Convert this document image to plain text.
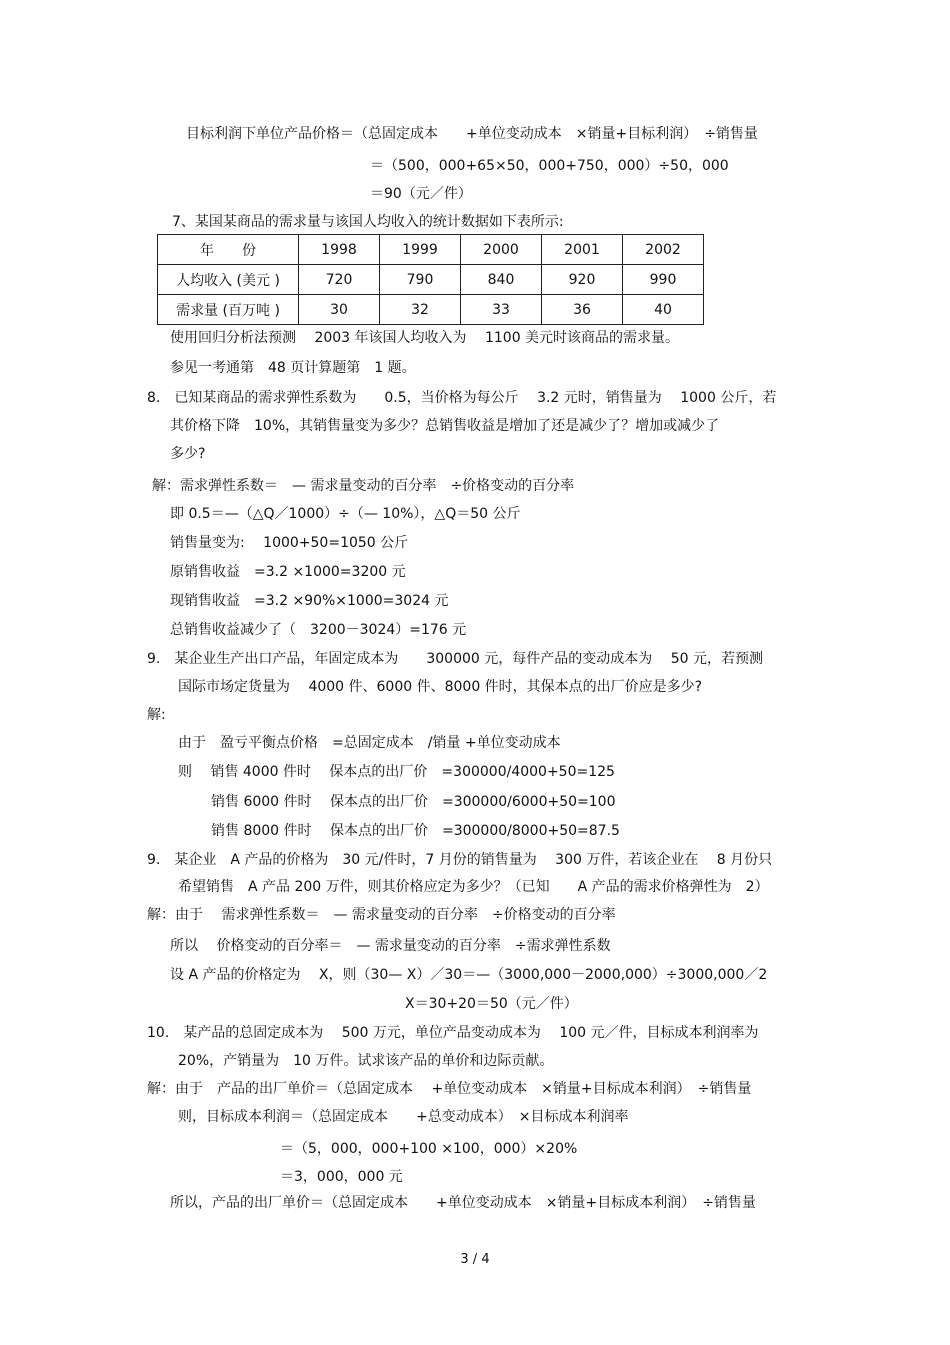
目标利润下单位产品价格＝（总固定成本　　+单位变动成本　×销量+目标利润）　÷销售量
＝（500，000+65×50，000+750，000）÷50，000
＝90（元／件）
7、某国某商品的需求量与该国人均收入的统计数据如下表所示:
使用回归分析法预测　 2003 年该国人均收入为　 1100 美元时该商品的需求量。
参见一考通第　48 页计算题第　1 题。
8.　已知某商品的需求弹性系数为　　0.5，当价格为每公斤　 3.2 元时，销售量为　 1000 公斤，若
其价格下降　10%，其销售量变为多少？总销售收益是增加了还是减少了？增加或减少了
多少?
解：需求弹性系数＝　— 需求量变动的百分率　÷价格变动的百分率
即 0.5＝—（△Q／1000）÷（— 10%），△Q＝50 公斤
销售量变为:　 1000+50=1050 公斤
原销售收益　=3.2 ×1000=3200 元
现销售收益　=3.2 ×90%×1000=3024 元
总销售收益减少了（　3200－3024）=176 元
9.　某企业生产出口产品，年固定成本为　　300000 元，每件产品的变动成本为　 50 元，若预测
国际市场定货量为　 4000 件、6000 件、8000 件时，其保本点的出厂价应是多少?
解:
由于　盈亏平衡点价格　=总固定成本　/销量 +单位变动成本
则　 销售 4000 件时　 保本点的出厂价　=300000/4000+50=125
销售 6000 件时　 保本点的出厂价　=300000/6000+50=100
销售 8000 件时　 保本点的出厂价　=300000/8000+50=87.5
9.　某企业　A 产品的价格为　30 元/件时，7 月份的销售量为　 300 万件，若该企业在　 8 月份只
希望销售　A 产品 200 万件，则其价格应定为多少？（已知　　A 产品的需求价格弹性为　2）
解：由于　 需求弹性系数＝　— 需求量变动的百分率　÷价格变动的百分率
所以　 价格变动的百分率＝　— 需求量变动的百分率　÷需求弹性系数
设 A 产品的价格定为　 X，则（30— X）／30＝—（3000,000－2000,000）÷3000,000／2
X＝30+20＝50（元／件）
10.　某产品的总固定成本为　 500 万元，单位产品变动成本为　 100 元／件，目标成本利润率为
20%，产销量为　10 万件。试求该产品的单价和边际贡献。
解：由于　产品的出厂单价＝（总固定成本　 +单位变动成本　×销量+目标成本利润）　÷销售量
则，目标成本利润＝（总固定成本　　+总变动成本）　×目标成本利润率
＝（5，000，000+100 ×100，000）×20%
＝3，000，000 元
所以，产品的出厂单价＝（总固定成本　　+单位变动成本　×销量+目标成本利润）　÷销售量
年　　份	1998	1999	2000	2001	2002
人均收入 (美元 )	720	790	840	920	990
需求量 (百万吨 )	30	32	33	36	40
3 / 4
